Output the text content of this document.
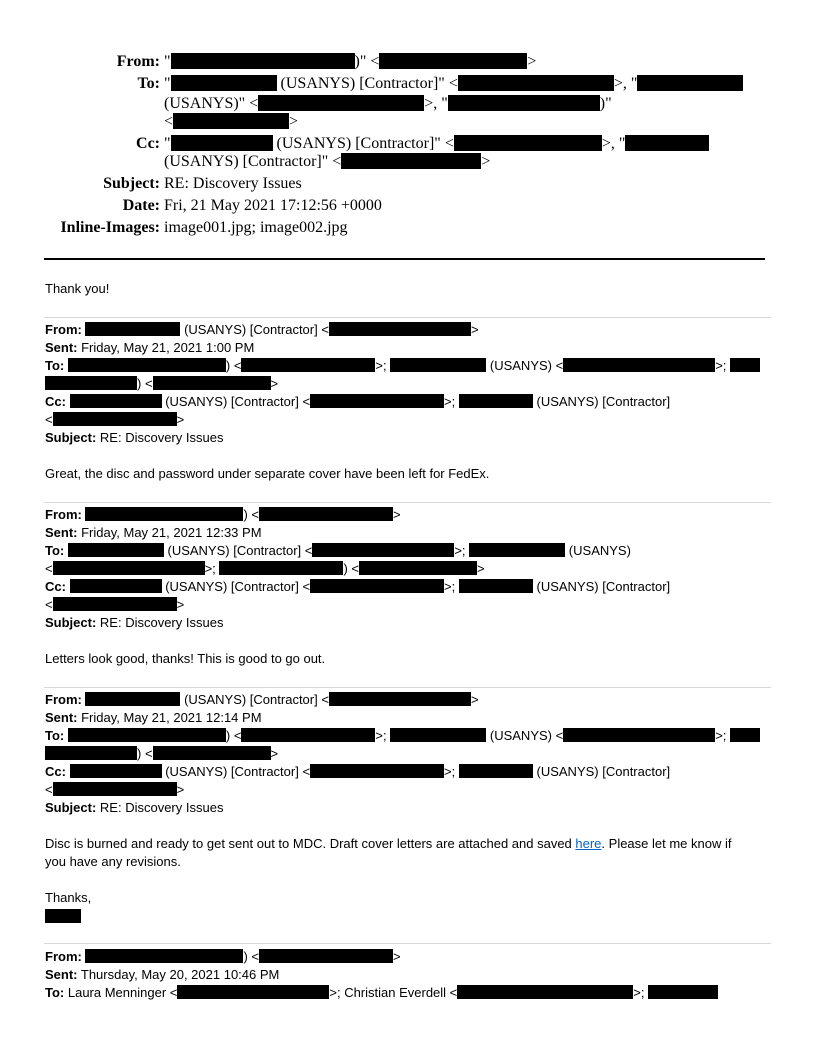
From: "	)" <	>
To: "	(USANYS) [Contractor]" <	>, "
(USANYS)" <	>, "	)"
<	>
Cc: "	(USANYS) [Contractor]" <	>, "
(USANYS) [Contractor]" <	>
Subject: RE: Discovery Issues
Date: Fri, 21 May 2021 17:12:56 +0000
Inline-Images: image001.jpg; image002.jpg
Thank you!
From:	(USANYS) [Contractor] <	>
Sent: Friday, May 21, 2021 1:00 PM
To:	) <	>;	(USANYS) <	>;
) <	>
Cc:	(USANYS) [Contractor] <	>;	(USANYS) [Contractor]
<	>
Subject: RE: Discovery Issues
Great, the disc and password under separate cover have been left for FedEx.
From:	) <	>
Sent: Friday, May 21, 2021 12:33 PM
To:	(USANYS) [Contractor] <	>;	(USANYS)
<	>;	) <	>
Cc:	(USANYS) [Contractor] <	>;	(USANYS) [Contractor]
<	>
Subject: RE: Discovery Issues
Letters look good, thanks! This is good to go out.
From:	(USANYS) [Contractor] <	>
Sent: Friday, May 21, 2021 12:14 PM
To:	) <	>;	(USANYS) <	>;
) <	>
Cc:	(USANYS) [Contractor] <	>;	(USANYS) [Contractor]
<	>
Subject: RE: Discovery Issues
Disc is burned and ready to get sent out to MDC. Draft cover letters are attached and saved here. Please let me know if
you have any revisions.
Thanks,
From:	) <	>
Sent: Thursday, May 20, 2021 10:46 PM
To: Laura Menninger <	>; Christian Everdell <	>;
